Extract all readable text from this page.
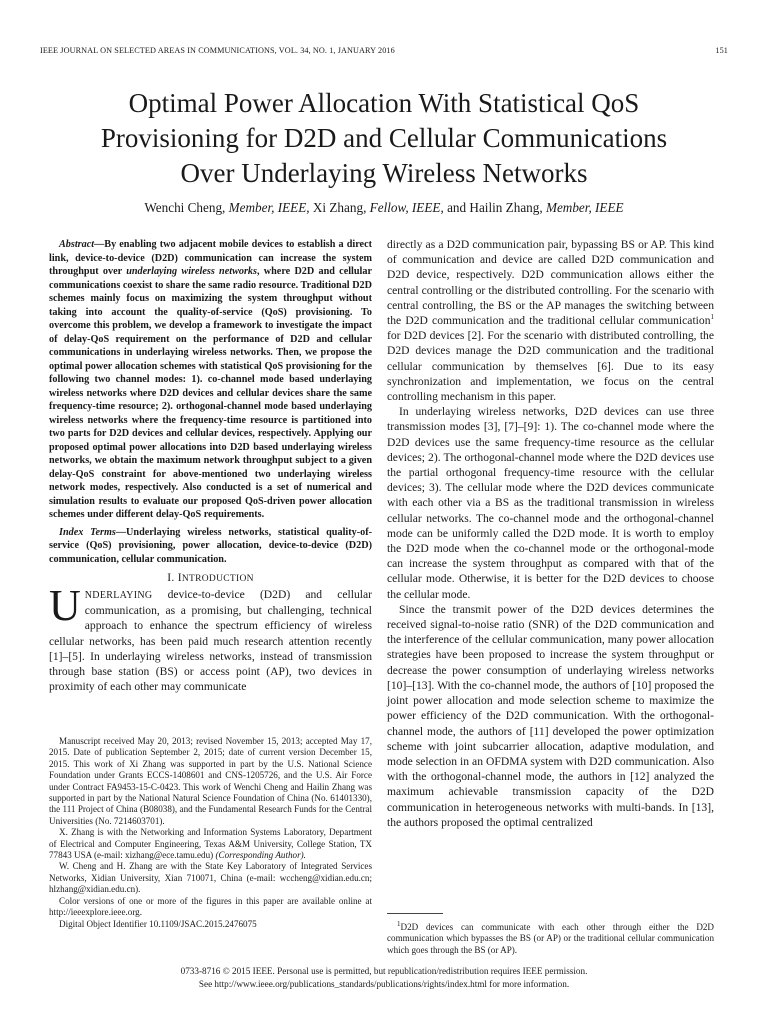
IEEE JOURNAL ON SELECTED AREAS IN COMMUNICATIONS, VOL. 34, NO. 1, JANUARY 2016	151
Optimal Power Allocation With Statistical QoS
Provisioning for D2D and Cellular Communications
Over Underlaying Wireless Networks
Wenchi Cheng, Member, IEEE, Xi Zhang, Fellow, IEEE, and Hailin Zhang, Member, IEEE

Abstract—By enabling two adjacent mobile devices to establish a direct link, device-to-device (D2D) communication can increase the system throughput over underlaying wireless networks, where D2D and cellular communications coexist to share the same radio resource. Traditional D2D schemes mainly focus on maximizing the system throughput without taking into account the quality-of-service (QoS) provisioning. To overcome this problem, we develop a framework to investigate the impact of delay-QoS requirement on the performance of D2D and cellular communications in underlaying wireless networks. Then, we propose the optimal power allocation schemes with statistical QoS provisioning for the following two channel modes: 1). co-channel mode based underlaying wireless networks where D2D devices and cellular devices share the same frequency-time resource; 2). orthogonal-channel mode based underlaying wireless networks where the frequency-time resource is partitioned into two parts for D2D devices and cellular devices, respectively. Applying our proposed optimal power allocations into D2D based underlaying wireless networks, we obtain the maximum network throughput subject to a given delay-QoS constraint for above-mentioned two underlaying wireless network modes, respectively. Also conducted is a set of numerical and simulation results to evaluate our proposed QoS-driven power allocation schemes under different delay-QoS requirements.

Index Terms—Underlaying wireless networks, statistical quality-of-service (QoS) provisioning, power allocation, device-to-device (D2D) communication, cellular communication.

I. INTRODUCTION

UNDERLAYING device-to-device (D2D) and cellular communication, as a promising, but challenging, technical approach to enhance the spectrum efficiency of wireless cellular networks, has been paid much research attention recently [1]–[5]. In underlaying wireless networks, instead of transmission through base station (BS) or access point (AP), two devices in proximity of each other may communicate

Manuscript received May 20, 2013; revised November 15, 2013; accepted May 17, 2015. Date of publication September 2, 2015; date of current version December 15, 2015. This work of Xi Zhang was supported in part by the U.S. National Science Foundation under Grants ECCS-1408601 and CNS-1205726, and the U.S. Air Force under Contract FA9453-15-C-0423. This work of Wenchi Cheng and Hailin Zhang was supported in part by the National Natural Science Foundation of China (No. 61401330), the 111 Project of China (B08038), and the Fundamental Research Funds for the Central Universities (No. 7214603701).

X. Zhang is with the Networking and Information Systems Laboratory, Department of Electrical and Computer Engineering, Texas A&M University, College Station, TX 77843 USA (e-mail: xizhang@ece.tamu.edu) (Corresponding Author).

W. Cheng and H. Zhang are with the State Key Laboratory of Integrated Services Networks, Xidian University, Xian 710071, China (e-mail: wccheng@xidian.edu.cn; hlzhang@xidian.edu.cn).

Color versions of one or more of the figures in this paper are available online at http://ieeexplore.ieee.org.

Digital Object Identifier 10.1109/JSAC.2015.2476075

directly as a D2D communication pair, bypassing BS or AP. This kind of communication and device are called D2D communication and D2D device, respectively. D2D communication allows either the central controlling or the distributed controlling. For the scenario with central controlling, the BS or the AP manages the switching between the D2D communication and the traditional cellular communication$^1$ for D2D devices [2]. For the scenario with distributed controlling, the D2D devices manage the D2D communication and the traditional cellular communication by themselves [6]. Due to its easy synchronization and implementation, we focus on the central controlling mechanism in this paper.

In underlaying wireless networks, D2D devices can use three transmission modes [3], [7]–[9]: 1). The co-channel mode where the D2D devices use the same frequency-time resource as the cellular devices; 2). The orthogonal-channel mode where the D2D devices use the partial orthogonal frequency-time resource with the cellular devices; 3). The cellular mode where the D2D devices communicate with each other via a BS as the traditional transmission in wireless cellular networks. The co-channel mode and the orthogonal-channel mode can be uniformly called the D2D mode. It is worth to employ the D2D mode when the co-channel mode or the orthogonal-mode can increase the system throughput as compared with that of the cellular mode. Otherwise, it is better for the D2D devices to choose the cellular mode.

Since the transmit power of the D2D devices determines the received signal-to-noise ratio (SNR) of the D2D communication and the interference of the cellular communication, many power allocation strategies have been proposed to increase the system throughput or decrease the power consumption of underlaying wireless networks [10]–[13]. With the co-channel mode, the authors of [10] proposed the joint power allocation and mode selection scheme to maximize the power efficiency of the D2D communication. With the orthogonal-channel mode, the authors of [11] developed the power optimization scheme with joint subcarrier allocation, adaptive modulation, and mode selection in an OFDMA system with D2D communication. Also with the orthogonal-channel mode, the authors in [12] analyzed the maximum achievable transmission capacity of the D2D communication in heterogeneous networks with multi-bands. In [13], the authors proposed the optimal centralized

$^1$D2D devices can communicate with each other through either the D2D communication which bypasses the BS (or AP) or the traditional cellular communication which goes through the BS (or AP).

0733-8716 © 2015 IEEE. Personal use is permitted, but republication/redistribution requires IEEE permission.
See http://www.ieee.org/publications_standards/publications/rights/index.html for more information.
